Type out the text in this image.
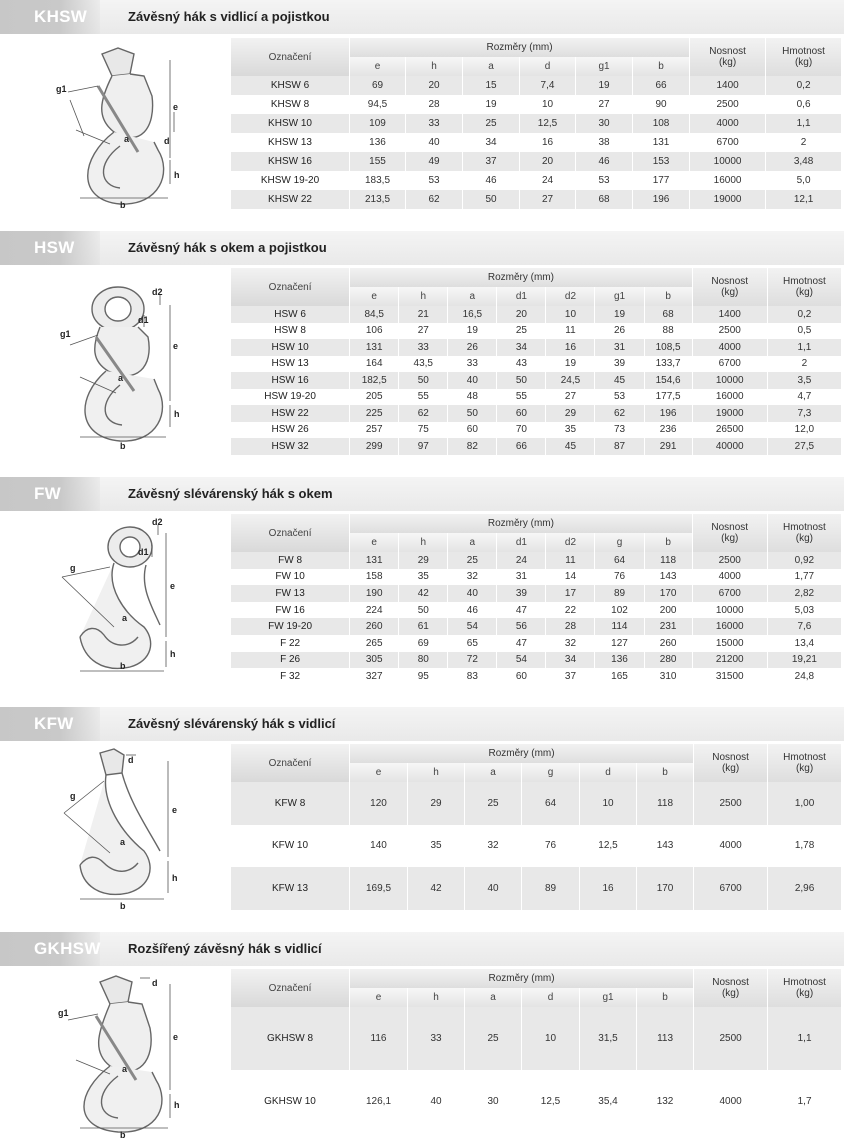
KHSW	Závěsný hák s vidlicí a pojistkou
g1
e
d
a
h
b
Označení	Rozměry (mm)						Nosnost
(kg)	Hmotnost
(kg)
	e	h	a	d	g1	b		
KHSW 6	69	20	15	7,4	19	66	1400	0,2
KHSW 8	94,5	28	19	10	27	90	2500	0,6
KHSW 10	109	33	25	12,5	30	108	4000	1,1
KHSW 13	136	40	34	16	38	131	6700	2
KHSW 16	155	49	37	20	46	153	10000	3,48
KHSW 19-20	183,5	53	46	24	53	177	16000	5,0
KHSW 22	213,5	62	50	27	68	196	19000	12,1
HSW	Závěsný hák s okem a pojistkou
d2
d1
g1
e
a
h
b
Označení	Rozměry (mm)							Nosnost
(kg)	Hmotnost
(kg)
	e	h	a	d1	d2	g1	b		
HSW 6	84,5	21	16,5	20	10	19	68	1400	0,2
HSW 8	106	27	19	25	11	26	88	2500	0,5
HSW 10	131	33	26	34	16	31	108,5	4000	1,1
HSW 13	164	43,5	33	43	19	39	133,7	6700	2
HSW 16	182,5	50	40	50	24,5	45	154,6	10000	3,5
HSW 19-20	205	55	48	55	27	53	177,5	16000	4,7
HSW 22	225	62	50	60	29	62	196	19000	7,3
HSW 26	257	75	60	70	35	73	236	26500	12,0
HSW 32	299	97	82	66	45	87	291	40000	27,5
FW	Závěsný slévárenský hák s okem
d2
d1
g
e
a
h
b
Označení	Rozměry (mm)							Nosnost
(kg)	Hmotnost
(kg)
	e	h	a	d1	d2	g	b		
FW 8	131	29	25	24	11	64	118	2500	0,92
FW 10	158	35	32	31	14	76	143	4000	1,77
FW 13	190	42	40	39	17	89	170	6700	2,82
FW 16	224	50	46	47	22	102	200	10000	5,03
FW 19-20	260	61	54	56	28	114	231	16000	7,6
F 22	265	69	65	47	32	127	260	15000	13,4
F 26	305	80	72	54	34	136	280	21200	19,21
F 32	327	95	83	60	37	165	310	31500	24,8
KFW	Závěsný slévárenský hák s vidlicí
d
g
e
a
h
b
Označení	Rozměry (mm)						Nosnost
(kg)	Hmotnost
(kg)
	e	h	a	g	d	b		
KFW 8	120	29	25	64	10	118	2500	1,00
KFW 10	140	35	32	76	12,5	143	4000	1,78
KFW 13	169,5	42	40	89	16	170	6700	2,96
GKHSW Rozšířený závěsný hák s vidlicí
g1
d
e
a
h
b
Označení	Rozměry (mm)						Nosnost
(kg)	Hmotnost
(kg)
	e	h	a	d	g1	b		
GKHSW 8	116	33	25	10	31,5	113	2500	1,1
GKHSW 10	126,1	40	30	12,5	35,4	132	4000	1,7
